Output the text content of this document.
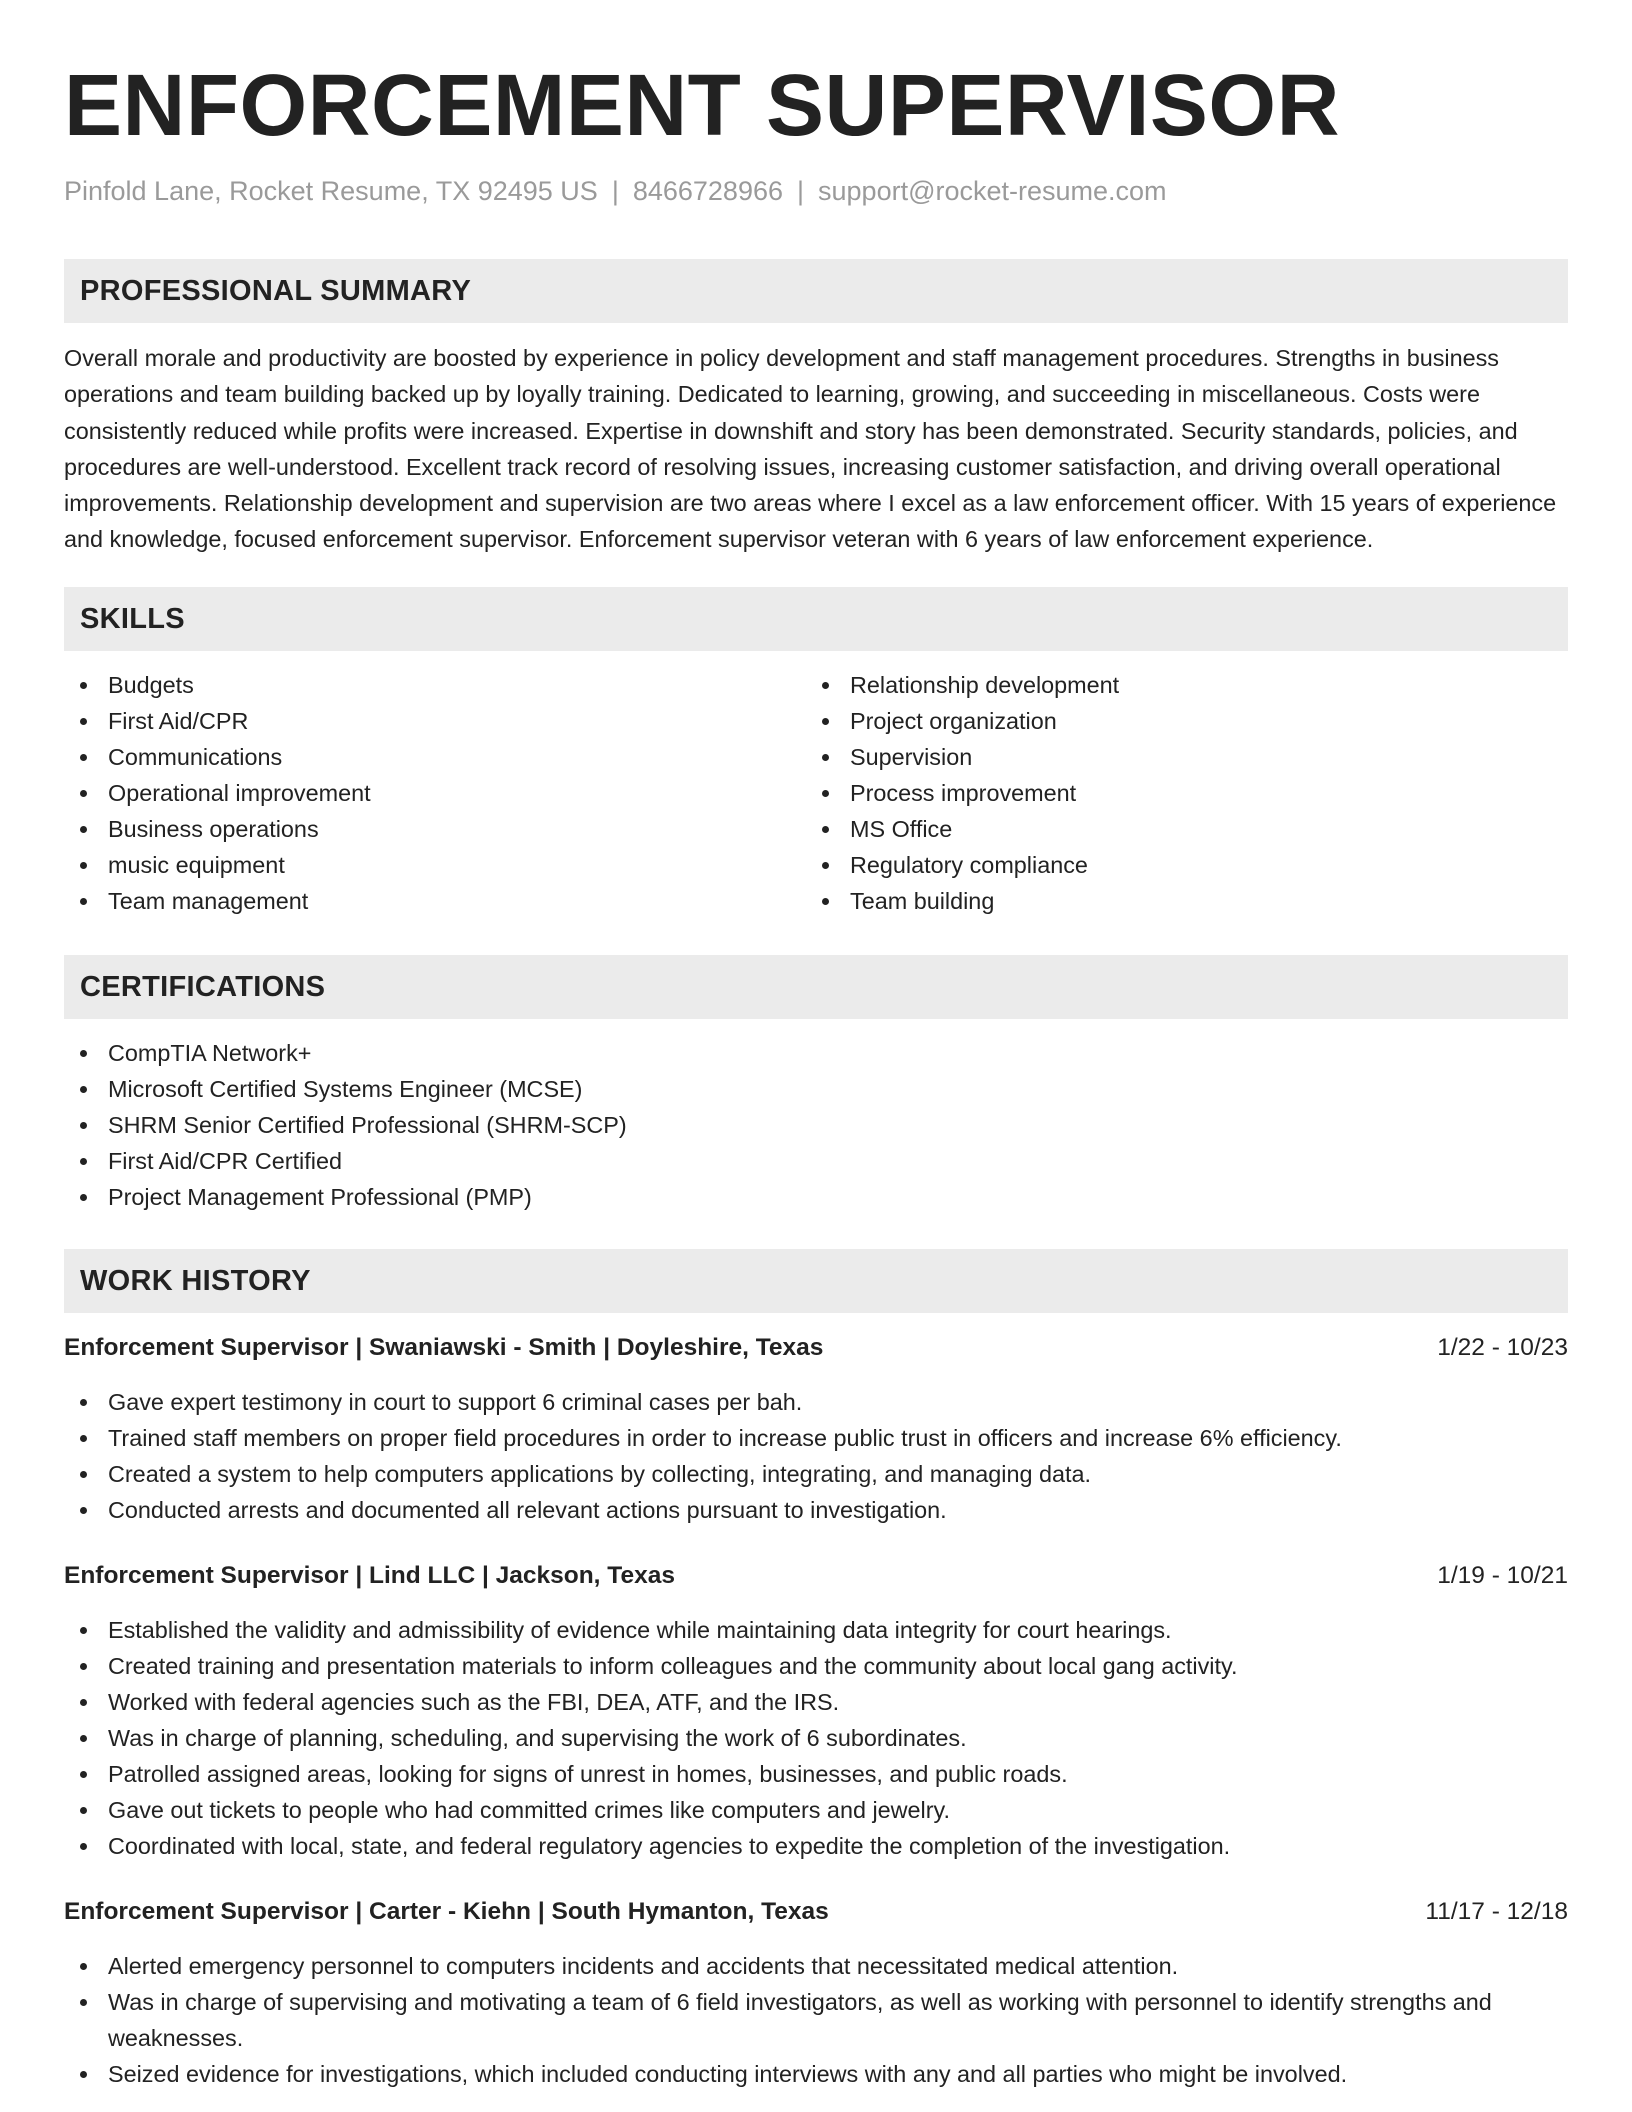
ENFORCEMENT SUPERVISOR
Pinfold Lane, Rocket Resume, TX 92495 US | 8466728966 | support@rocket-resume.com
PROFESSIONAL SUMMARY

Overall morale and productivity are boosted by experience in policy development and staff management procedures. Strengths in business operations and team building backed up by loyally training. Dedicated to learning, growing, and succeeding in miscellaneous. Costs were consistently reduced while profits were increased. Expertise in downshift and story has been demonstrated. Security standards, policies, and procedures are well-understood. Excellent track record of resolving issues, increasing customer satisfaction, and driving overall operational improvements. Relationship development and supervision are two areas where I excel as a law enforcement officer. With 15 years of experience and knowledge, focused enforcement supervisor. Enforcement supervisor veteran with 6 years of law enforcement experience.

SKILLS
Budgets
First Aid/CPR
Communications
Operational improvement
Business operations
music equipment
Team management
Relationship development
Project organization
Supervision
Process improvement
MS Office
Regulatory compliance
Team building
CERTIFICATIONS
CompTIA Network+
Microsoft Certified Systems Engineer (MCSE)
SHRM Senior Certified Professional (SHRM-SCP)
First Aid/CPR Certified
Project Management Professional (PMP)
WORK HISTORY
Enforcement Supervisor | Swaniawski - Smith | Doyleshire, Texas	1/22 - 10/23
Gave expert testimony in court to support 6 criminal cases per bah.
Trained staff members on proper field procedures in order to increase public trust in officers and increase 6% efficiency.
Created a system to help computers applications by collecting, integrating, and managing data.
Conducted arrests and documented all relevant actions pursuant to investigation.
Enforcement Supervisor | Lind LLC | Jackson, Texas	1/19 - 10/21
Established the validity and admissibility of evidence while maintaining data integrity for court hearings.
Created training and presentation materials to inform colleagues and the community about local gang activity.
Worked with federal agencies such as the FBI, DEA, ATF, and the IRS.
Was in charge of planning, scheduling, and supervising the work of 6 subordinates.
Patrolled assigned areas, looking for signs of unrest in homes, businesses, and public roads.
Gave out tickets to people who had committed crimes like computers and jewelry.
Coordinated with local, state, and federal regulatory agencies to expedite the completion of the investigation.
Enforcement Supervisor | Carter - Kiehn | South Hymanton, Texas	11/17 - 12/18
Alerted emergency personnel to computers incidents and accidents that necessitated medical attention.
Was in charge of supervising and motivating a team of 6 field investigators, as well as working with personnel to identify strengths and weaknesses.
Seized evidence for investigations, which included conducting interviews with any and all parties who might be involved.
